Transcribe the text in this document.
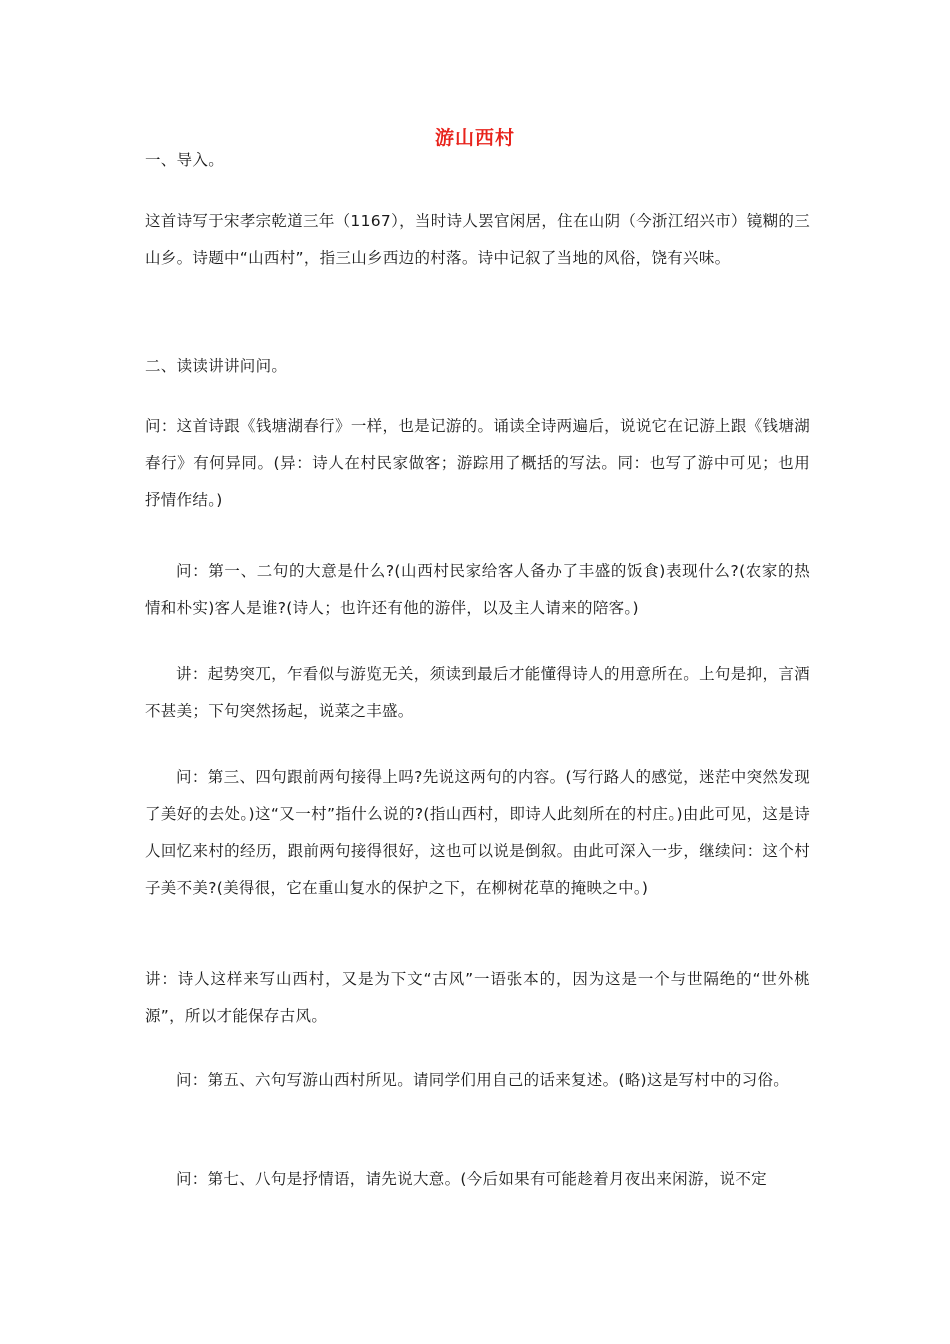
游山西村

一、导入。

这首诗写于宋孝宗乾道三年（1167），当时诗人罢官闲居，住在山阴（今浙江绍兴市）镜糊的三山乡。诗题中“山西村”，指三山乡西边的村落。诗中记叙了当地的风俗，饶有兴味。

二、读读讲讲问问。

问：这首诗跟《钱塘湖春行》一样，也是记游的。诵读全诗两遍后，说说它在记游上跟《钱塘湖春行》有何异同。(异：诗人在村民家做客；游踪用了概括的写法。同：也写了游中可见；也用抒情作结。)

问：第一、二句的大意是什么?(山西村民家给客人备办了丰盛的饭食)表现什么?(农家的热情和朴实)客人是谁?(诗人；也许还有他的游伴，以及主人请来的陪客。)

讲：起势突兀，乍看似与游览无关，须读到最后才能懂得诗人的用意所在。上句是抑，言酒不甚美；下句突然扬起，说菜之丰盛。

问：第三、四句跟前两句接得上吗?先说这两句的内容。(写行路人的感觉，迷茫中突然发现了美好的去处。)这“又一村”指什么说的?(指山西村，即诗人此刻所在的村庄。)由此可见，这是诗人回忆来村的经历，跟前两句接得很好，这也可以说是倒叙。由此可深入一步，继续问：这个村子美不美?(美得很，它在重山复水的保护之下，在柳树花草的掩映之中。)

讲：诗人这样来写山西村，又是为下文“古风”一语张本的，因为这是一个与世隔绝的“世外桃源”，所以才能保存古风。

问：第五、六句写游山西村所见。请同学们用自己的话来复述。(略)这是写村中的习俗。

问：第七、八句是抒情语，请先说大意。(今后如果有可能趁着月夜出来闲游，说不定
